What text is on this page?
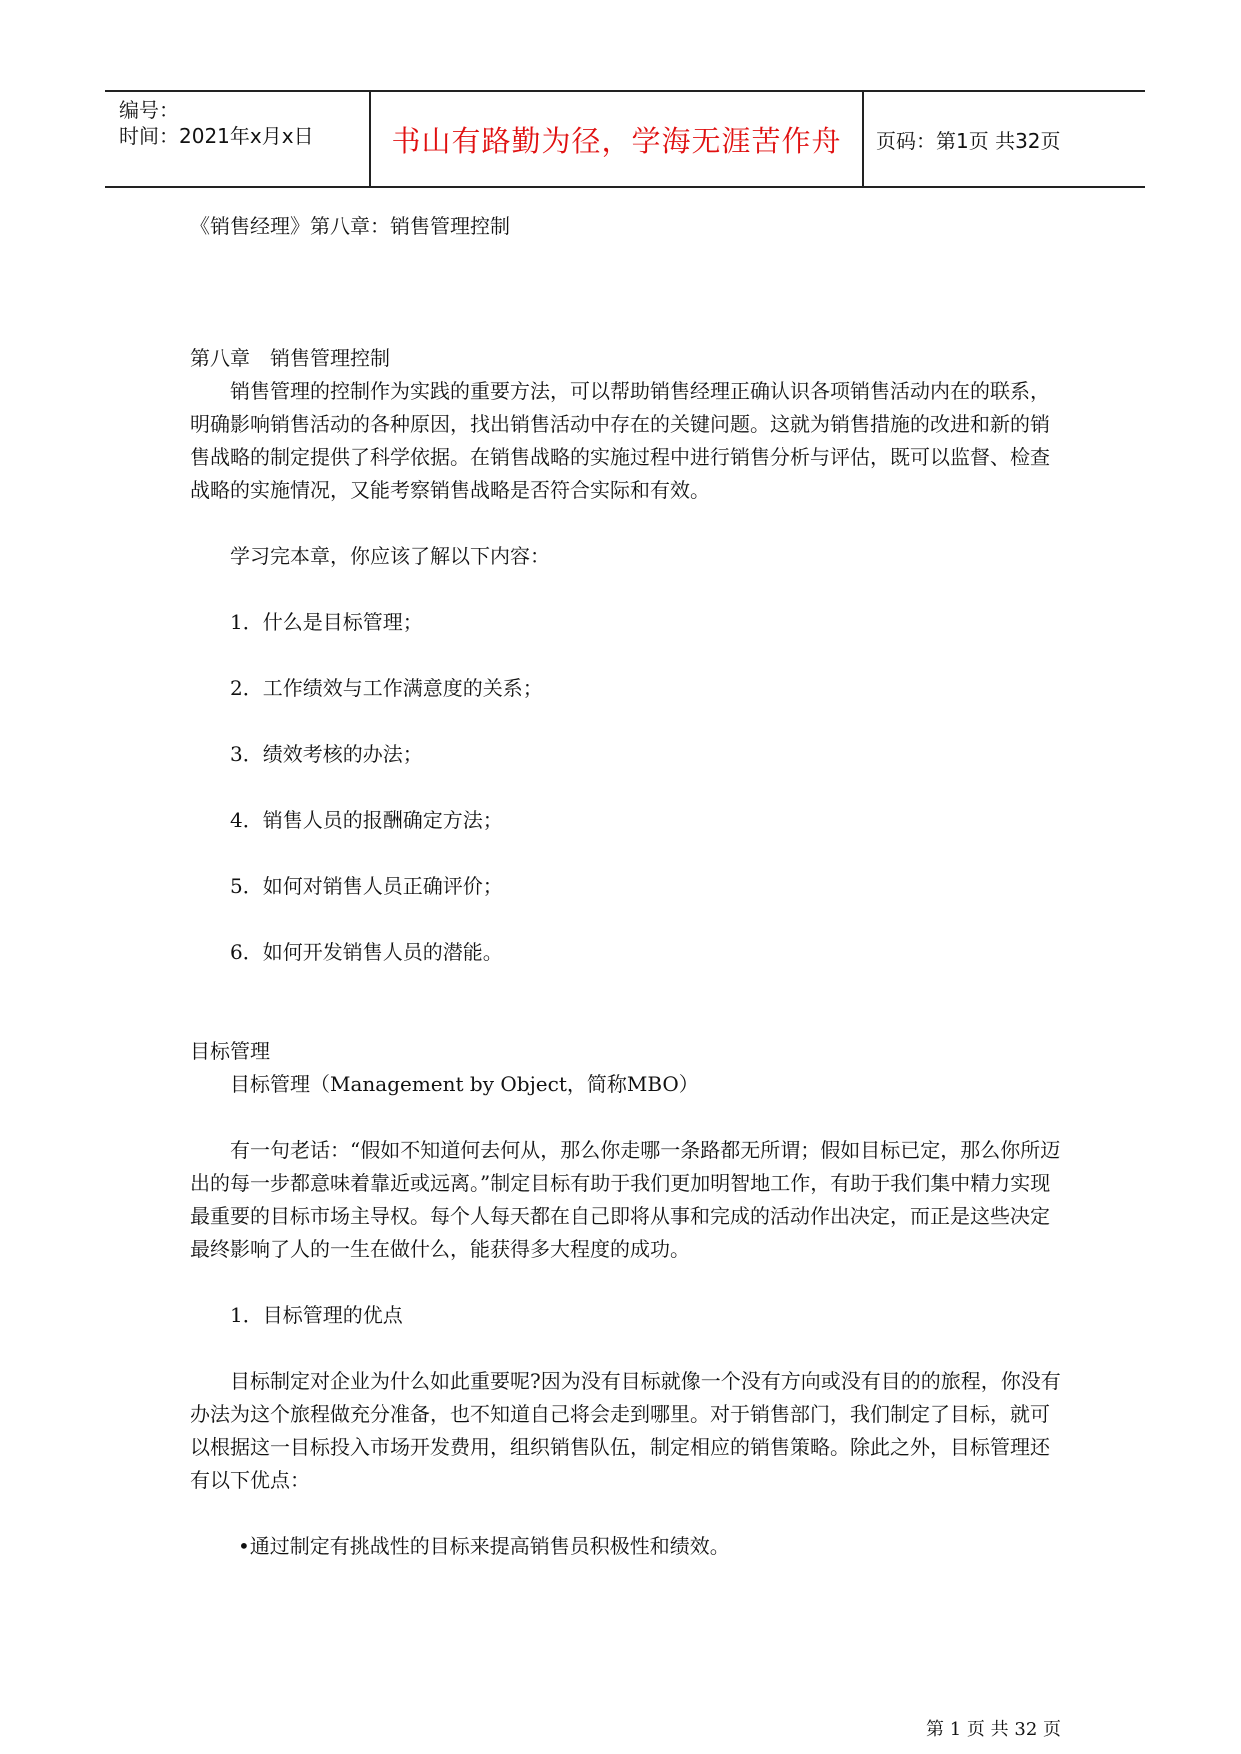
编号：
时间：2021年x月x日	书山有路勤为径，学海无涯苦作舟 页码：第1页 共32页

《销售经理》第八章：销售管理控制

第八章　销售管理控制

销售管理的控制作为实践的重要方法，可以帮助销售经理正确认识各项销售活动内在的联系，明确影响销售活动的各种原因，找出销售活动中存在的关键问题。这就为销售措施的改进和新的销售战略的制定提供了科学依据。在销售战略的实施过程中进行销售分析与评估，既可以监督、检查战略的实施情况，又能考察销售战略是否符合实际和有效。

学习完本章，你应该了解以下内容：

1．什么是目标管理；

2．工作绩效与工作满意度的关系；

3．绩效考核的办法；

4．销售人员的报酬确定方法；

5．如何对销售人员正确评价；

6．如何开发销售人员的潜能。

目标管理

目标管理（Management by Object，简称MBO）

有一句老话：“假如不知道何去何从，那么你走哪一条路都无所谓；假如目标已定，那么你所迈出的每一步都意味着靠近或远离。”制定目标有助于我们更加明智地工作，有助于我们集中精力实现最重要的目标市场主导权。每个人每天都在自己即将从事和完成的活动作出决定，而正是这些决定最终影响了人的一生在做什么，能获得多大程度的成功。

1．目标管理的优点

目标制定对企业为什么如此重要呢?因为没有目标就像一个没有方向或没有目的的旅程，你没有办法为这个旅程做充分准备，也不知道自己将会走到哪里。对于销售部门，我们制定了目标，就可以根据这一目标投入市场开发费用，组织销售队伍，制定相应的销售策略。除此之外，目标管理还有以下优点：

•通过制定有挑战性的目标来提高销售员积极性和绩效。

第 1 页 共 32 页
